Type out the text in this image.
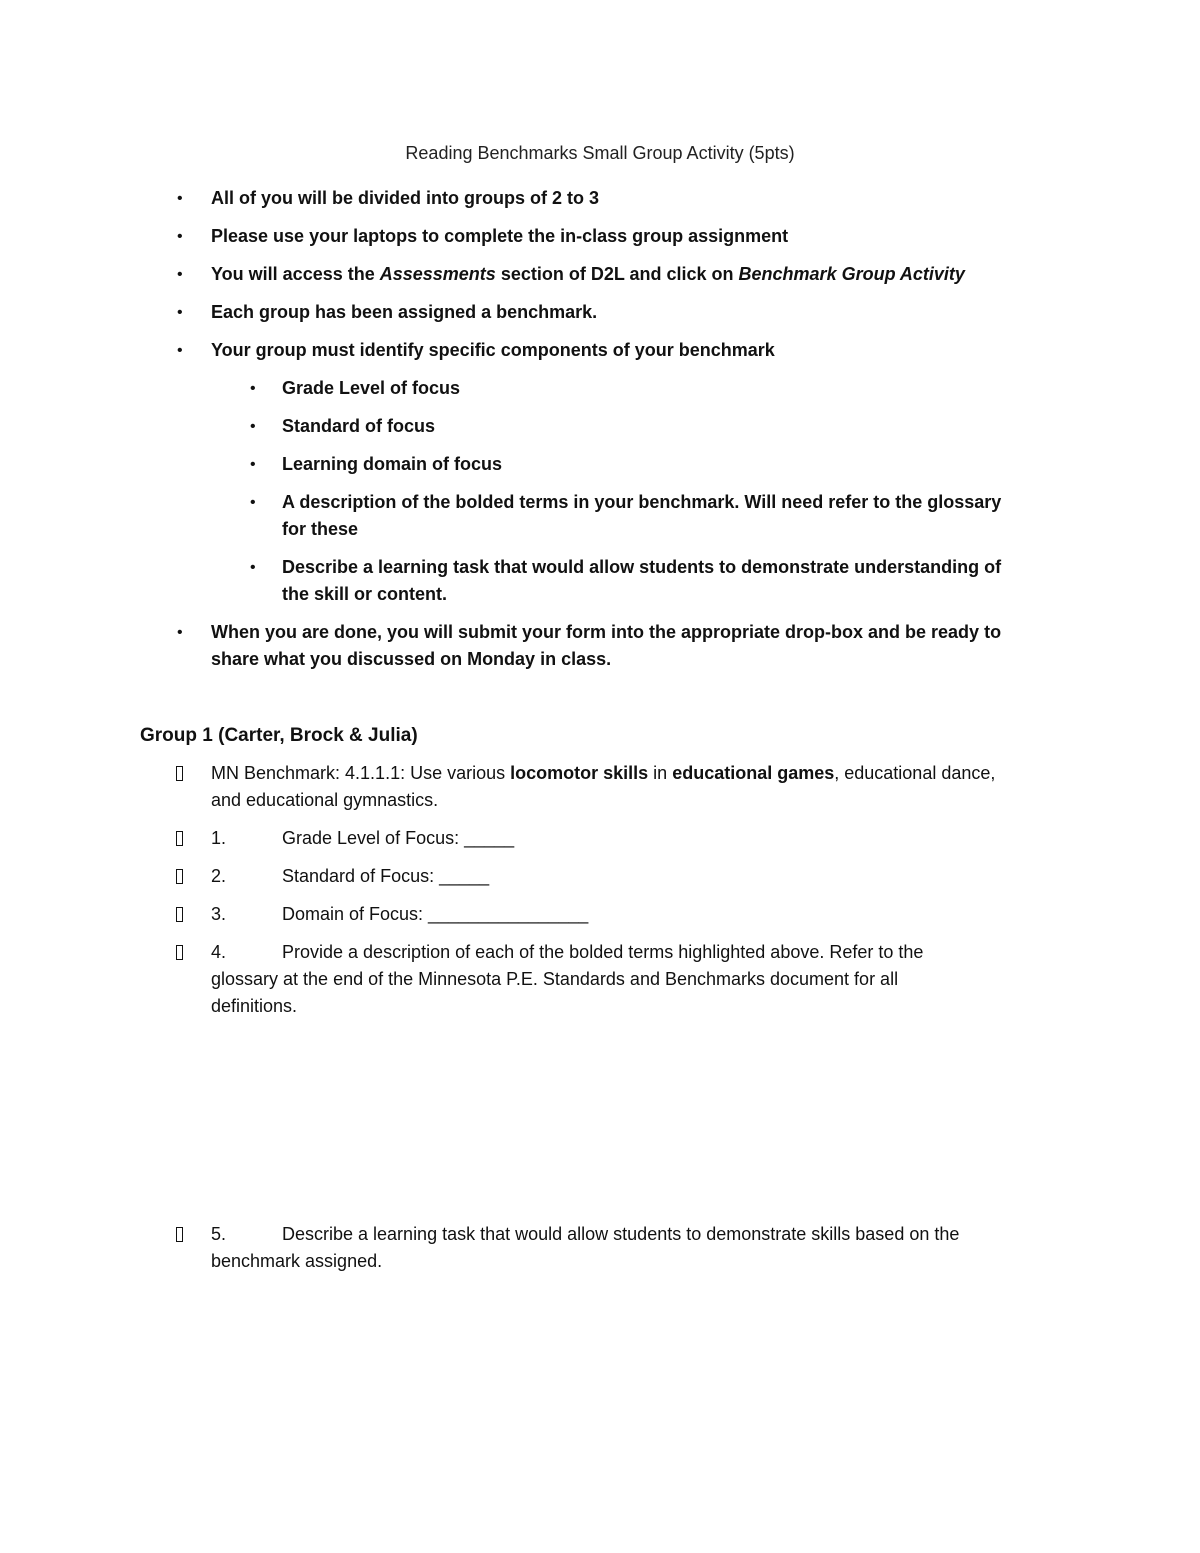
Reading Benchmarks Small Group Activity (5pts)
• All of you will be divided into groups of 2 to 3
• Please use your laptops to complete the in-class group assignment
• You will access the Assessments section of D2L and click on Benchmark Group Activity
• Each group has been assigned a benchmark.
• Your group must identify specific components of your benchmark
• Grade Level of focus
• Standard of focus
• Learning domain of focus
• A description of the bolded terms in your benchmark. Will need refer to the glossary
for these
• Describe a learning task that would allow students to demonstrate understanding of
the skill or content.
• When you are done, you will submit your form into the appropriate drop-box and be ready to
share what you discussed on Monday in class.
Group 1 (Carter, Brock & Julia)
MN Benchmark: 4.1.1.1: Use various locomotor skills in educational games, educational dance,
and educational gymnastics.
1.	Grade Level of Focus: _____
2.	Standard of Focus: _____
3.	Domain of Focus: ________________
4.	Provide a description of each of the bolded terms highlighted above. Refer to the
glossary at the end of the Minnesota P.E. Standards and Benchmarks document for all
definitions.
5.	Describe a learning task that would allow students to demonstrate skills based on the
benchmark assigned.
